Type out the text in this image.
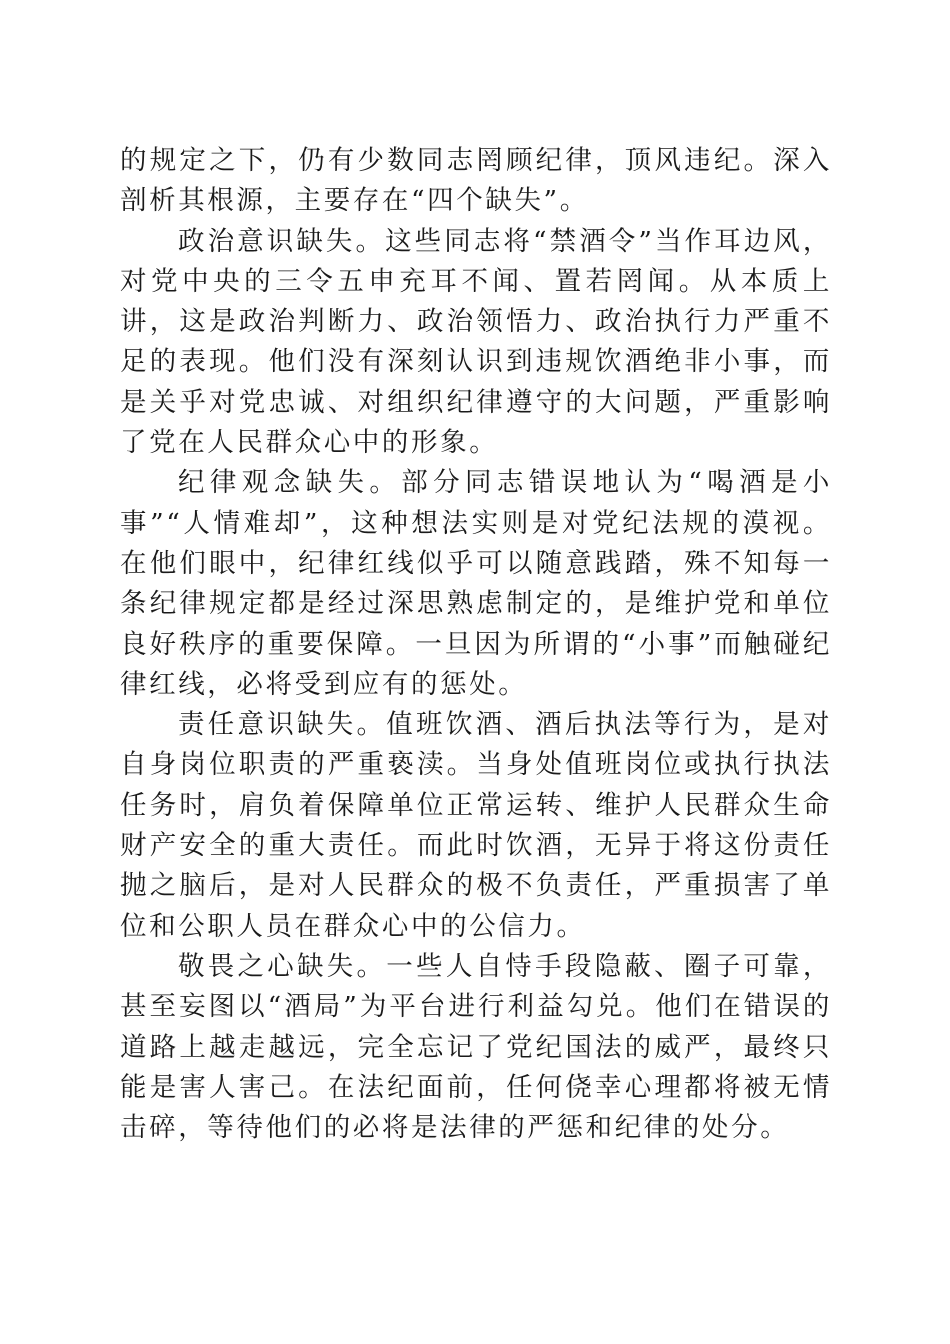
的规定之下，仍有少数同志罔顾纪律，顶风违纪。深入剖析其根源，主要存在“四个缺失”。

政治意识缺失。这些同志将“禁酒令”当作耳边风，对党中央的三令五申充耳不闻、置若罔闻。从本质上讲，这是政治判断力、政治领悟力、政治执行力严重不足的表现。他们没有深刻认识到违规饮酒绝非小事，而是关乎对党忠诚、对组织纪律遵守的大问题，严重影响了党在人民群众心中的形象。

纪律观念缺失。部分同志错误地认为“喝酒是小事”“人情难却”，这种想法实则是对党纪法规的漠视。在他们眼中，纪律红线似乎可以随意践踏，殊不知每一条纪律规定都是经过深思熟虑制定的，是维护党和单位良好秩序的重要保障。一旦因为所谓的“小事”而触碰纪律红线，必将受到应有的惩处。

责任意识缺失。值班饮酒、酒后执法等行为，是对自身岗位职责的严重亵渎。当身处值班岗位或执行执法任务时，肩负着保障单位正常运转、维护人民群众生命财产安全的重大责任。而此时饮酒，无异于将这份责任抛之脑后，是对人民群众的极不负责任，严重损害了单位和公职人员在群众心中的公信力。

敬畏之心缺失。一些人自恃手段隐蔽、圈子可靠，甚至妄图以“酒局”为平台进行利益勾兑。他们在错误的道路上越走越远，完全忘记了党纪国法的威严，最终只能是害人害己。在法纪面前，任何侥幸心理都将被无情击碎，等待他们的必将是法律的严惩和纪律的处分。
